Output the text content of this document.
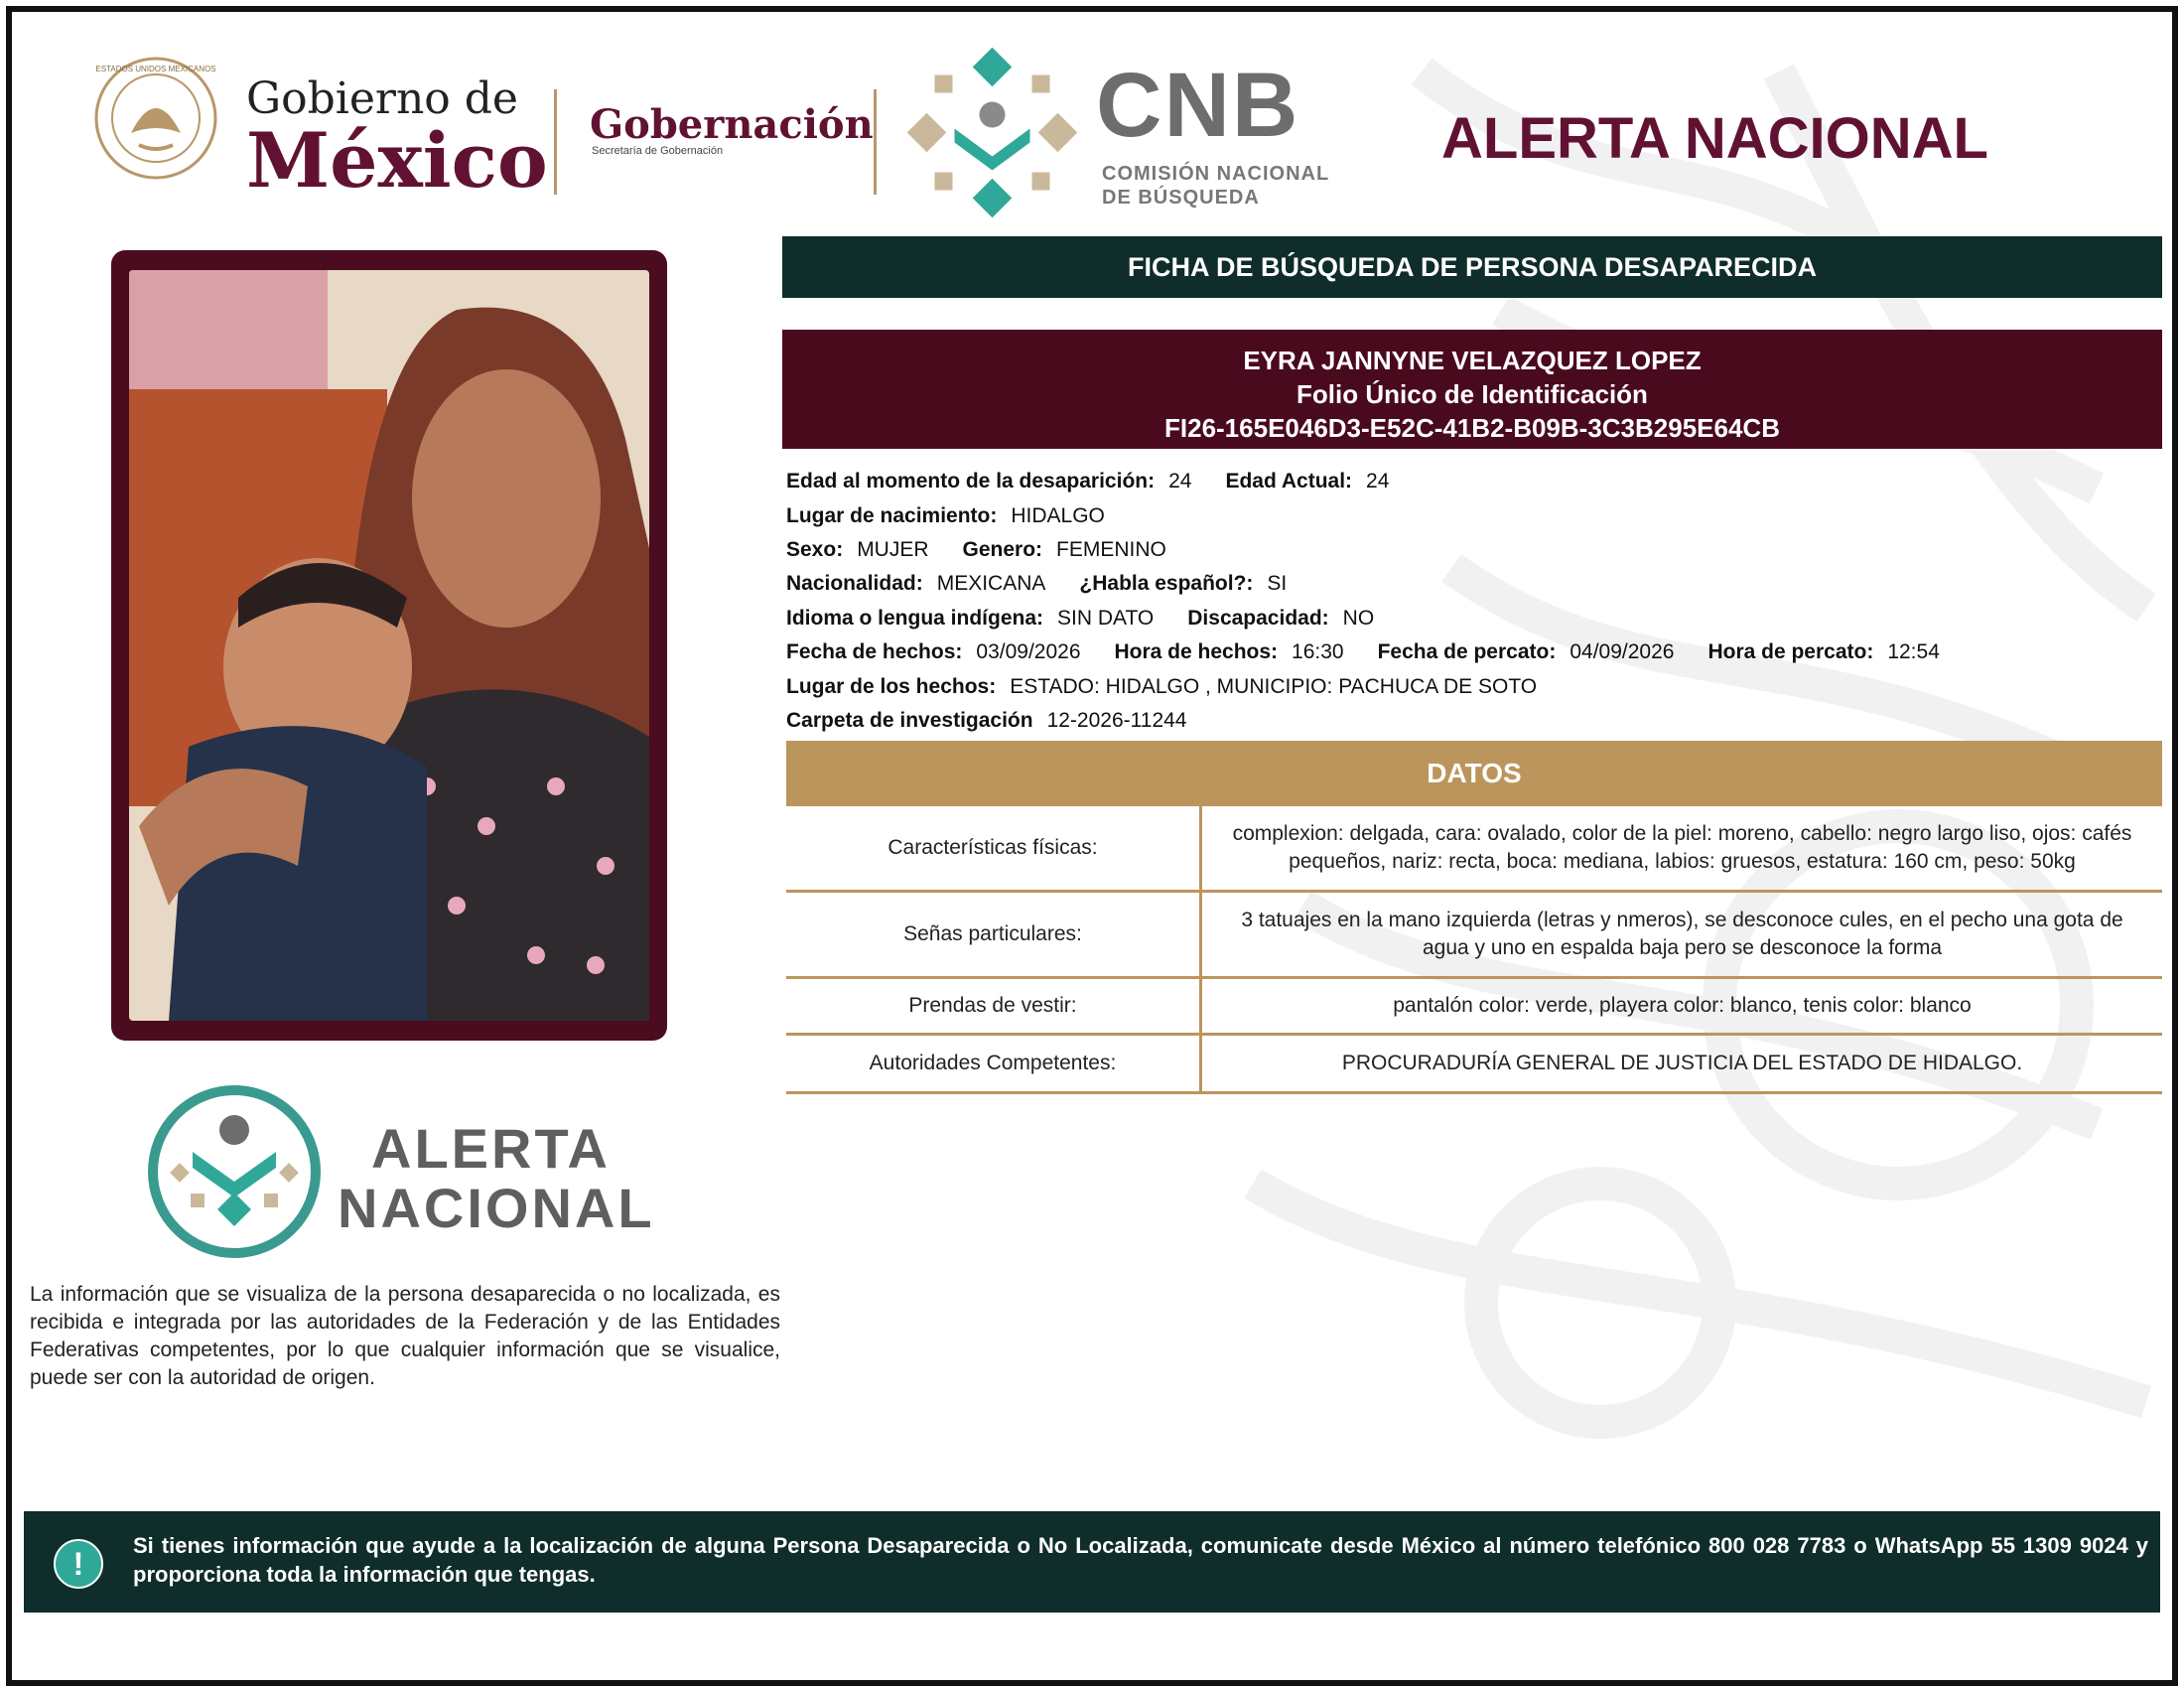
ESTADOS UNIDOS MEXICANOS
Gobierno de
México Gobernación
Secretaría de Gobernación	CNB
COMISIÓN NACIONAL
DE BÚSQUEDA
ALERTA NACIONAL
ALERTA
NACIONAL
La información que se visualiza de la persona desaparecida o no localizada, es recibida e integrada por las autoridades de la Federación y de las Entidades Federativas competentes, por lo que cualquier información que se visualice, puede ser con la autoridad de origen.
FICHA DE BÚSQUEDA DE PERSONA DESAPARECIDA
EYRA JANNYNE VELAZQUEZ LOPEZ
Folio Único de Identificación
FI26-165E046D3-E52C-41B2-B09B-3C3B295E64CB
Edad al momento de la desaparición: 24 Edad Actual: 24
Lugar de nacimiento: HIDALGO
Sexo: MUJER Genero: FEMENINO
Nacionalidad: MEXICANA ¿Habla español?: SI
Idioma o lengua indígena: SIN DATO Discapacidad: NO
Fecha de hechos: 03/09/2026 Hora de hechos: 16:30 Fecha de percato: 04/09/2026 Hora de percato: 12:54
Lugar de los hechos: ESTADO: HIDALGO , MUNICIPIO: PACHUCA DE SOTO
Carpeta de investigación 12-2026-11244
DATOS
Características físicas:
complexion: delgada, cara: ovalado, color de la piel: moreno, cabello: negro largo liso, ojos: cafés pequeños, nariz: recta, boca: mediana, labios: gruesos, estatura: 160 cm, peso: 50kg
Señas particulares:
3 tatuajes en la mano izquierda (letras y nmeros), se desconoce cules, en el pecho una gota de agua y uno en espalda baja pero se desconoce la forma
Prendas de vestir:	pantalón color: verde, playera color: blanco, tenis color: blanco
Autoridades Competentes:	PROCURADURÍA GENERAL DE JUSTICIA DEL ESTADO DE HIDALGO.
!	Si tienes información que ayude a la localización de alguna Persona Desaparecida o No Localizada, comunicate desde México al número telefónico 800 028 7783 o WhatsApp 55 1309 9024 y proporciona toda la información que tengas.
